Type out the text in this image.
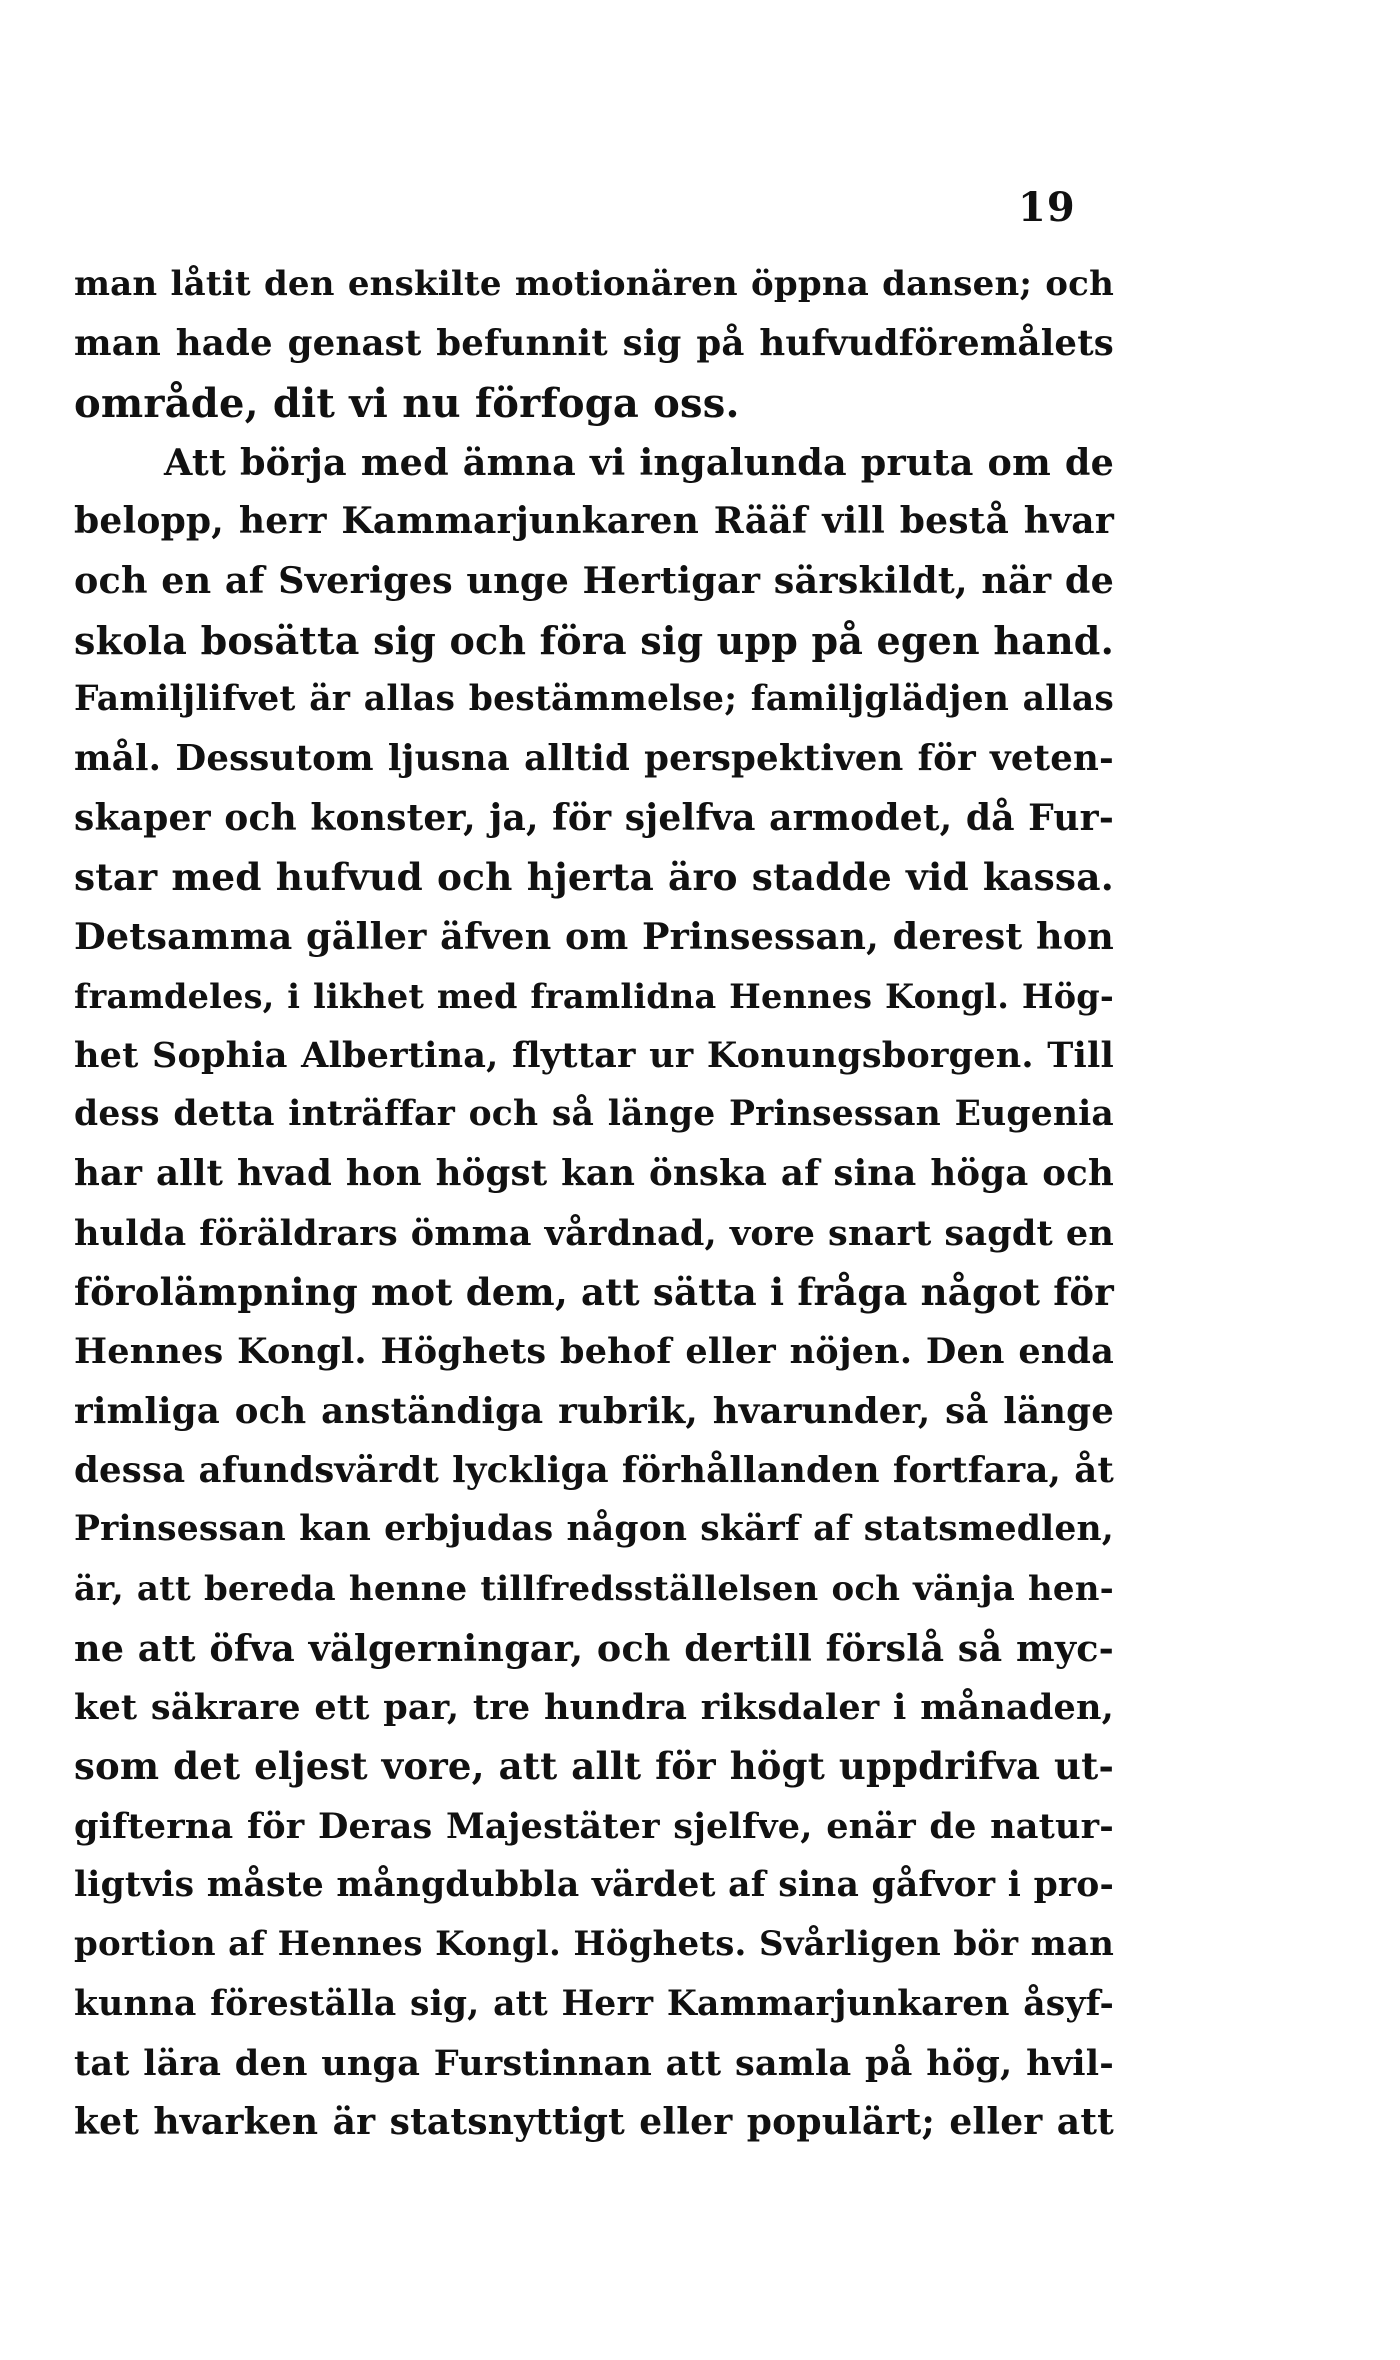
19
man låtit den enskilte motionären öppna dansen; och
man hade genast befunnit sig på hufvudföremålets
område, dit vi nu förfoga oss.
Att börja med ämna vi ingalunda pruta om de
belopp, herr Kammarjunkaren Rääf vill bestå hvar
och en af Sveriges unge Hertigar särskildt, när de
skola bosätta sig och föra sig upp på egen hand.
Familjlifvet är allas bestämmelse; familjglädjen allas
mål. Dessutom ljusna alltid perspektiven för veten-
skaper och konster, ja, för sjelfva armodet, då Fur-
star med hufvud och hjerta äro stadde vid kassa.
Detsamma gäller äfven om Prinsessan, derest hon
framdeles, i likhet med framlidna Hennes Kongl. Hög-
het Sophia Albertina, flyttar ur Konungsborgen. Till
dess detta inträffar och så länge Prinsessan Eugenia
har allt hvad hon högst kan önska af sina höga och
hulda föräldrars ömma vårdnad, vore snart sagdt en
förolämpning mot dem, att sätta i fråga något för
Hennes Kongl. Höghets behof eller nöjen. Den enda
rimliga och anständiga rubrik, hvarunder, så länge
dessa afundsvärdt lyckliga förhållanden fortfara, åt
Prinsessan kan erbjudas någon skärf af statsmedlen,
är, att bereda henne tillfredsställelsen och vänja hen-
ne att öfva välgerningar, och dertill förslå så myc-
ket säkrare ett par, tre hundra riksdaler i månaden,
som det eljest vore, att allt för högt uppdrifva ut-
gifterna för Deras Majestäter sjelfve, enär de natur-
ligtvis måste mångdubbla värdet af sina gåfvor i pro-
portion af Hennes Kongl. Höghets. Svårligen bör man
kunna föreställa sig, att Herr Kammarjunkaren åsyf-
tat lära den unga Furstinnan att samla på hög, hvil-
ket hvarken är statsnyttigt eller populärt; eller att
